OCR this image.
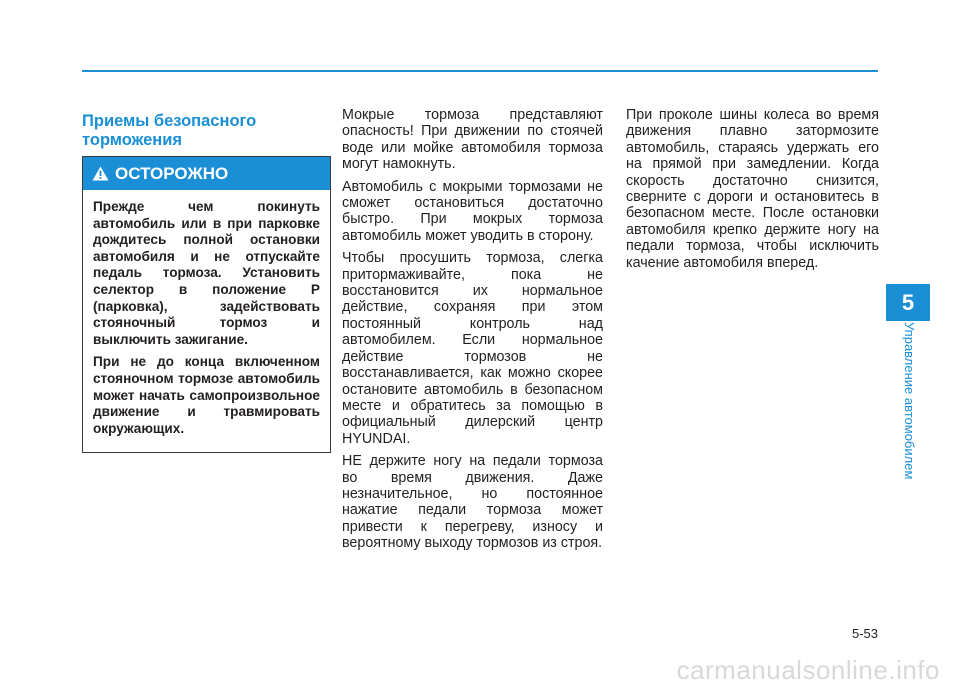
Приемы безопасного торможения
ОСТОРОЖНО

Прежде чем покинуть автомобиль или в при парковке дождитесь полной остановки автомобиля и не отпускайте педаль тормоза. Установить селектор в положение P (парковка), задействовать стояночный тормоз и выключить зажигание.

При не до конца включенном стояночном тормозе автомобиль может начать самопроизвольное движение и травмировать окружающих.

Мокрые тормоза представляют опасность! При движении по стоячей воде или мойке автомобиля тормоза могут намокнуть.

Автомобиль с мокрыми тормозами не сможет остановиться достаточно быстро. При мокрых тормоза автомобиль может уводить в сторону.

Чтобы просушить тормоза, слегка притормаживайте, пока не восстановится их нормальное действие, сохраняя при этом постоянный контроль над автомобилем. Если нормальное действие тормозов не восстанавливается, как можно скорее остановите автомобиль в безопасном месте и обратитесь за помощью в официальный дилерский центр HYUNDAI.

НЕ держите ногу на педали тормоза во время движения. Даже незначительное, но постоянное нажатие педали тормоза может привести к перегреву, износу и вероятному выходу тормозов из строя.

При проколе шины колеса во время движения плавно затормозите автомобиль, стараясь удержать его на прямой при замедлении. Когда скорость достаточно снизится, сверните с дороги и остановитесь в безопасном месте. После остановки автомобиля крепко держите ногу на педали тормоза, чтобы исключить качение автомобиля вперед.

5
Управление автомобилем
5-53
carmanualsonline.info
